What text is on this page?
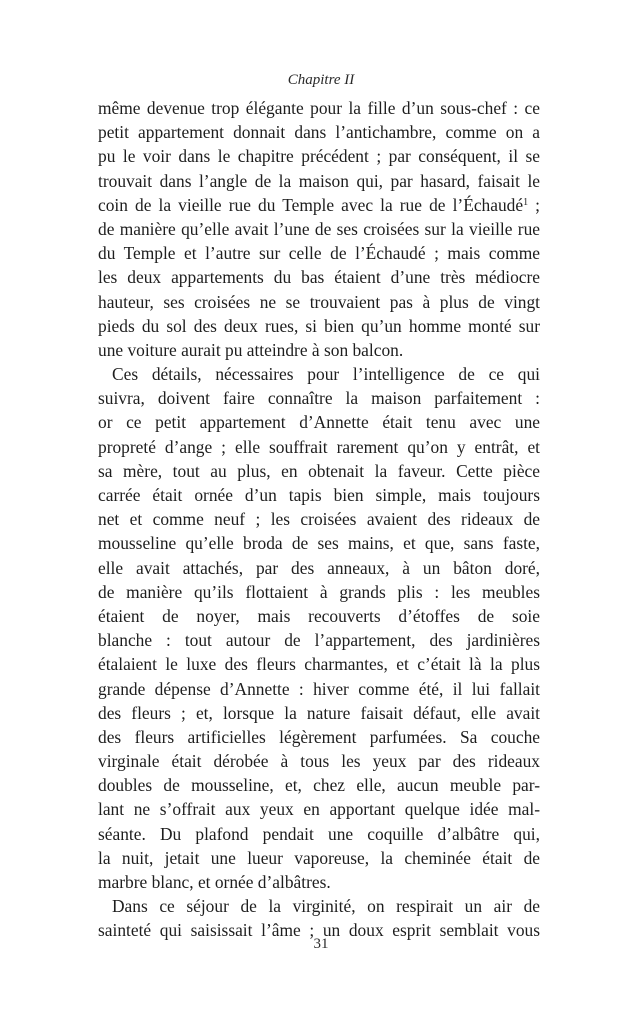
Chapitre II
même devenue trop élégante pour la fille d’un sous-chef : ce
petit appartement donnait dans l’antichambre, comme on a
pu le voir dans le chapitre précédent ; par conséquent, il se
trouvait dans l’angle de la maison qui, par hasard, faisait le
coin de la vieille rue du Temple avec la rue de l’Échaudé$^1$ ;
de manière qu’elle avait l’une de ses croisées sur la vieille rue
du Temple et l’autre sur celle de l’Échaudé ; mais comme
les deux appartements du bas étaient d’une très médiocre
hauteur, ses croisées ne se trouvaient pas à plus de vingt
pieds du sol des deux rues, si bien qu’un homme monté sur
une voiture aurait pu atteindre à son balcon.
Ces détails, nécessaires pour l’intelligence de ce qui
suivra, doivent faire connaître la maison parfaitement :
or ce petit appartement d’Annette était tenu avec une
propreté d’ange ; elle souffrait rarement qu’on y entrât, et
sa mère, tout au plus, en obtenait la faveur. Cette pièce
carrée était ornée d’un tapis bien simple, mais toujours
net et comme neuf ; les croisées avaient des rideaux de
mousseline qu’elle broda de ses mains, et que, sans faste,
elle avait attachés, par des anneaux, à un bâton doré,
de manière qu’ils flottaient à grands plis : les meubles
étaient de noyer, mais recouverts d’étoffes de soie
blanche : tout autour de l’appartement, des jardinières
étalaient le luxe des fleurs charmantes, et c’était là la plus
grande dépense d’Annette : hiver comme été, il lui fallait
des fleurs ; et, lorsque la nature faisait défaut, elle avait
des fleurs artificielles légèrement parfumées. Sa couche
virginale était dérobée à tous les yeux par des rideaux
doubles de mousseline, et, chez elle, aucun meuble par-
lant ne s’offrait aux yeux en apportant quelque idée mal-
séante. Du plafond pendait une coquille d’albâtre qui,
la nuit, jetait une lueur vaporeuse, la cheminée était de
marbre blanc, et ornée d’albâtres.
Dans ce séjour de la virginité, on respirait un air de
sainteté qui saisissait l’âme ; un doux esprit semblait vous
31
